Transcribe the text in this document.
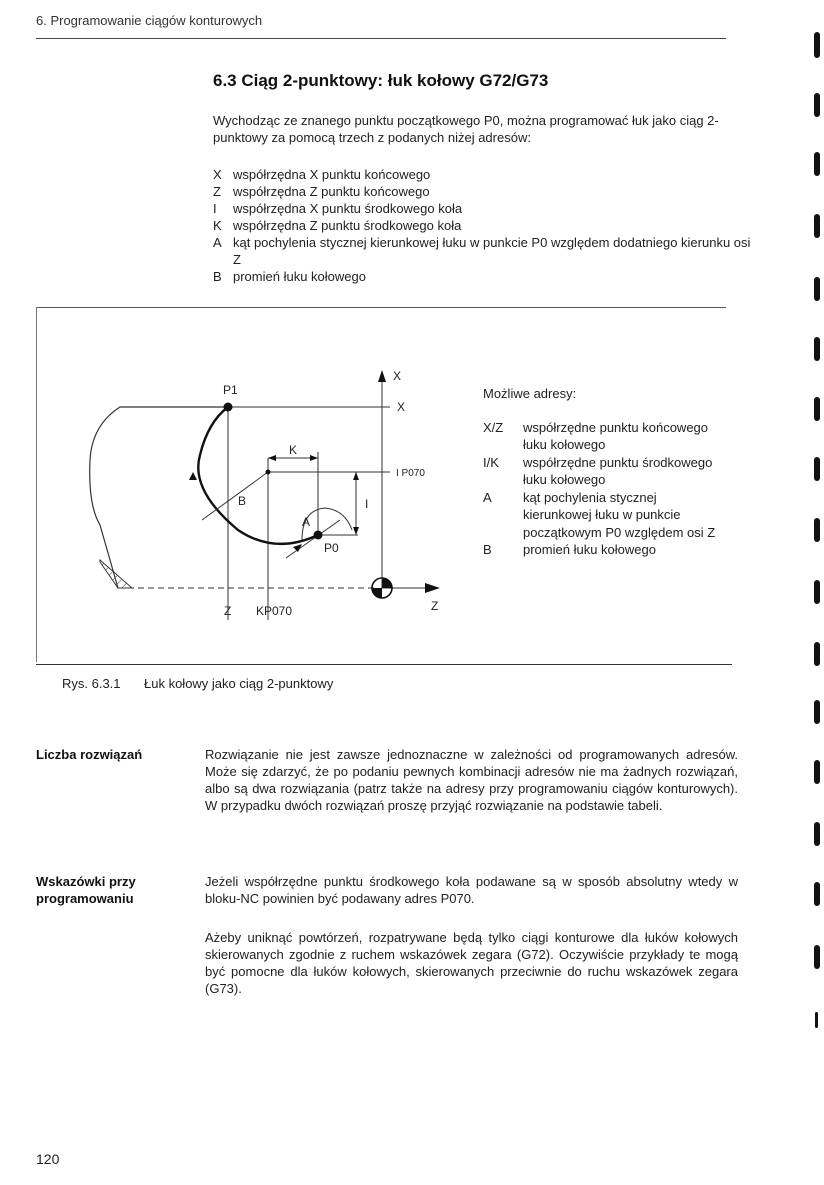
6. Programowanie ciągów konturowych
6.3 Ciąg 2-punktowy: łuk kołowy G72/G73
Wychodząc ze znanego punktu początkowego P0, można programować łuk jako ciąg 2-punktowy za pomocą trzech z podanych niżej adresów:
X współrzędna X punktu końcowego
Z współrzędna Z punktu końcowego
I	współrzędna X punktu środkowego koła
K współrzędna Z punktu środkowego koła
A kąt pochylenia stycznej kierunkowej łuku w punkcie P0 względem dodatniego kierunku osi Z
B promień łuku kołowego
X
Z
X
Z KP070
I P070
K
I
A
B
P1
P0
Możliwe adresy:
X/Z	współrzędne punktu końcowego łuku kołowego
I/K	współrzędne punktu środkowego łuku kołowego
A	kąt pochylenia stycznej kierunkowej łuku w punkcie początkowym P0 względem osi Z
B	promień łuku kołowego
Rys. 6.3.1 Łuk kołowy jako ciąg 2-punktowy
Liczba rozwiązań	Rozwiązanie nie jest zawsze jednoznaczne w zależności od programowanych adresów. Może się zdarzyć, że po podaniu pewnych kombinacji adresów nie ma żadnych rozwiązań, albo są dwa rozwiązania (patrz także na adresy przy programowaniu ciągów konturowych). W przypadku dwóch rozwiązań proszę przyjąć rozwiązanie na podstawie tabeli.
Wskazówki przy programowaniu
Jeżeli współrzędne punktu środkowego koła podawane są w sposób absolutny wtedy w bloku-NC powinien być podawany adres P070.
Ażeby uniknąć powtórzeń, rozpatrywane będą tylko ciągi konturowe dla łuków kołowych skierowanych zgodnie z ruchem wskazówek zegara (G72). Oczywiście przykłady te mogą być pomocne dla łuków kołowych, skierowanych przeciwnie do ruchu wskazówek zegara (G73).
120
